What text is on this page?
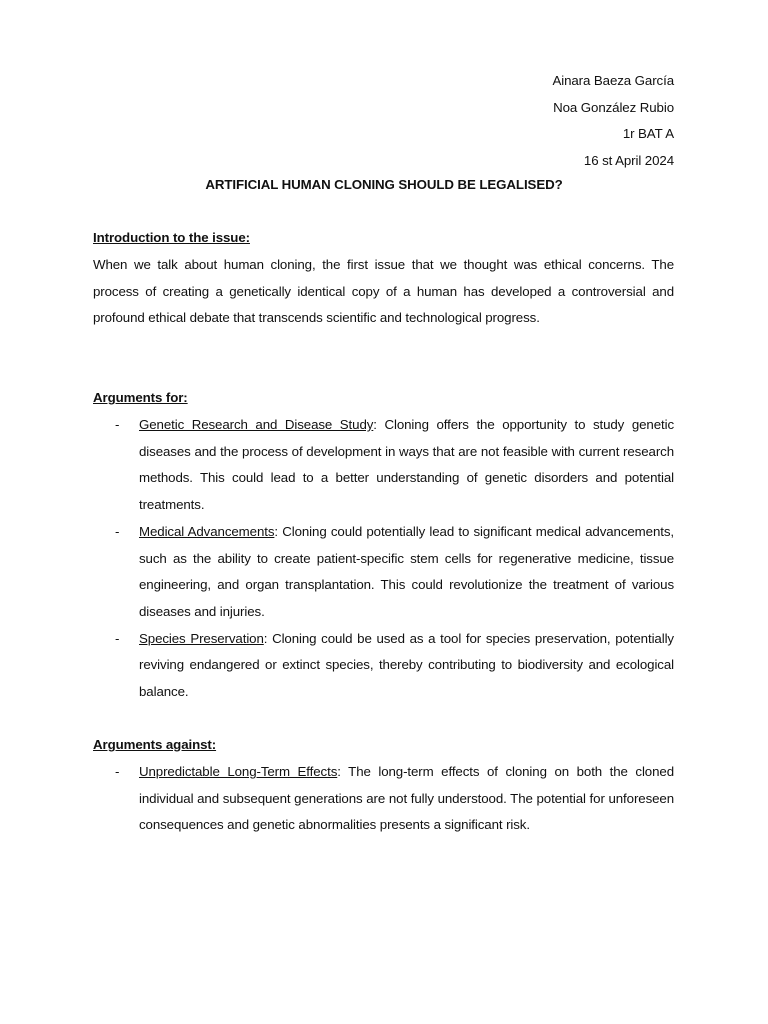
Ainara Baeza García
Noa González Rubio
1r BAT A
16 st April 2024
ARTIFICIAL HUMAN CLONING SHOULD BE LEGALISED?
Introduction to the issue:

When we talk about human cloning, the first issue that we thought was ethical concerns. The process of creating a genetically identical copy of a human has developed a controversial and profound ethical debate that transcends scientific and technological progress.

Arguments for:
- Genetic Research and Disease Study: Cloning offers the opportunity to study genetic diseases and the process of development in ways that are not feasible with current research methods. This could lead to a better understanding of genetic disorders and potential treatments.
- Medical Advancements: Cloning could potentially lead to significant medical advancements, such as the ability to create patient-specific stem cells for regenerative medicine, tissue engineering, and organ transplantation. This could revolutionize the treatment of various diseases and injuries.
- Species Preservation: Cloning could be used as a tool for species preservation, potentially reviving endangered or extinct species, thereby contributing to biodiversity and ecological balance.
Arguments against:
- Unpredictable Long-Term Effects: The long-term effects of cloning on both the cloned individual and subsequent generations are not fully understood. The potential for unforeseen consequences and genetic abnormalities presents a significant risk.
